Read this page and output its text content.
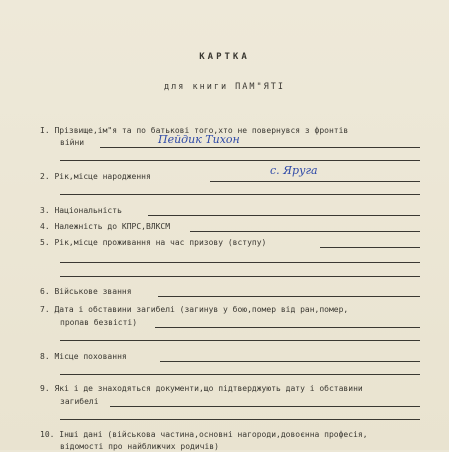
КАРТКА
для книги ПАМ"ЯТІ
І. Прізвище,ім"я та по батькові того,хто не повернувся з фронтів
війни	Пейдик Тихон
2. Рік,місце народження	с. Яруга
3. Національність
4. Належність до КПРС,ВЛКСМ
5. Рік,місце проживання на час призову (вступу)
6. Військове звання
7. Дата і обставини загибелі (загинув у бою,помер від ран,помер,
пропав безвісті)
8. Місце поховання
9. Які і де знаходяться документи,що підтверджують дату і обставини
загибелі
10. Інші дані (військова частина,основні нагороди,довоєнна професія,
відомості про найближчих родичів)
